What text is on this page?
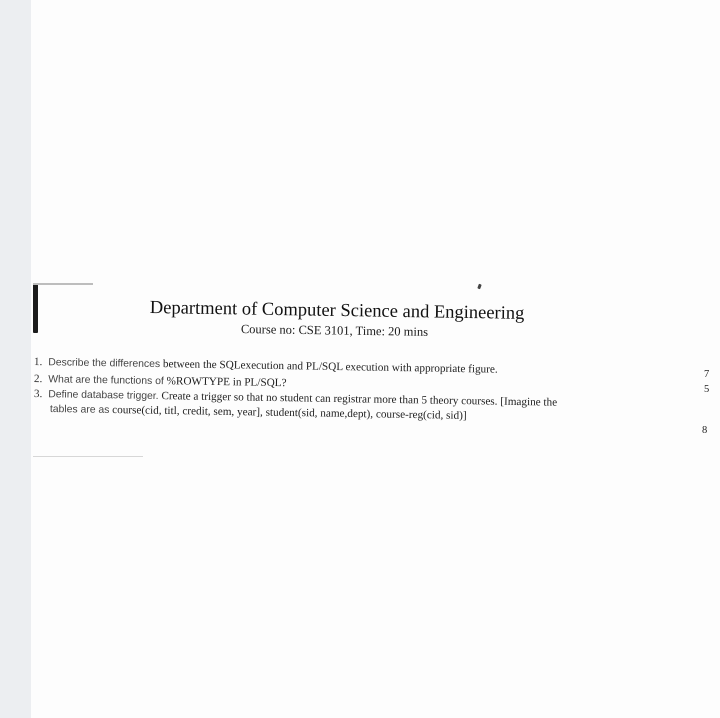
Department of Computer Science and Engineering
Course no: CSE 3101, Time: 20 mins
1. Describe the differences between the SQLexecution and PL/SQL execution with appropriate figure.	7
2. What are the functions of %ROWTYPE in PL/SQL?
5
3. Define database trigger. Create a trigger so that no student can registrar more than 5 theory courses. [Imagine the
tables are as course(cid, titl, credit, sem, year], student(sid, name,dept), course-reg(cid, sid)]
8
